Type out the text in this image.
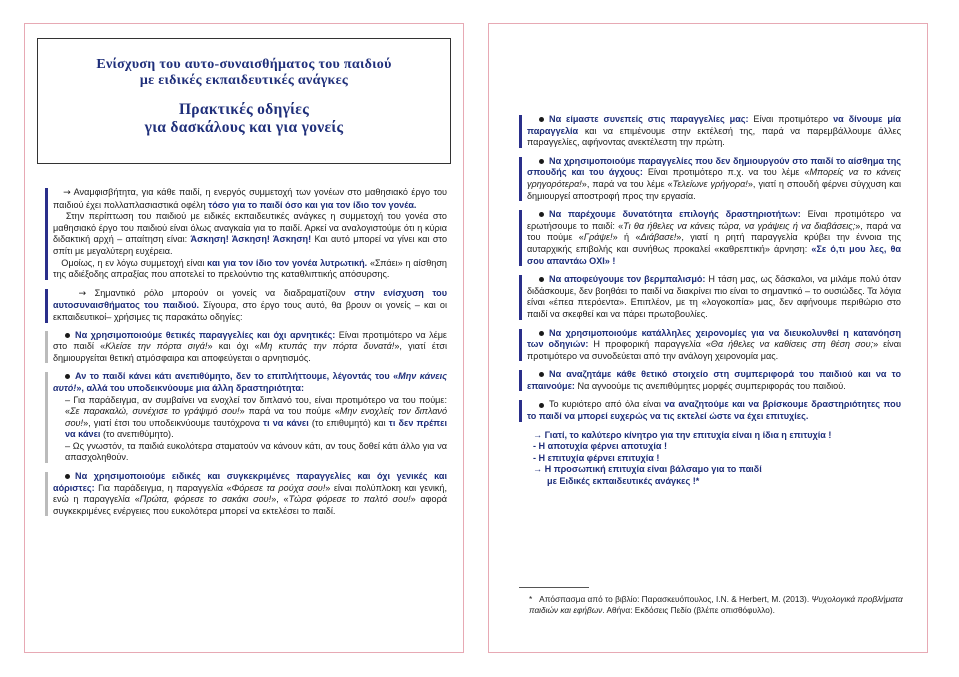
Ενίσχυση του αυτο-συναισθήματος του παιδιού
με ειδικές εκπαιδευτικές ανάγκες
Πρακτικές οδηγίες
για δασκάλους και για γονείς

→ Αναμφισβήτητα, για κάθε παιδί, η ενεργός συμμετοχή των γονέων στο μαθησιακό έργο του παιδιού έχει πολλαπλασιαστικά οφέλη τόσο για το παιδί όσο και για τον ίδιο τον γονέα.

Στην περίπτωση του παιδιού με ειδικές εκπαιδευτικές ανάγκες η συμμετοχή του γονέα στο μαθησιακό έργο του παιδιού είναι όλως αναγκαία για το παιδί. Αρκεί να αναλογιστούμε ότι η κύρια διδακτική αρχή – απαίτηση είναι: Άσκηση! Άσκηση! Άσκηση! Και αυτό μπορεί να γίνει και στο σπίτι με μεγαλύτερη ευχέρεια.

Ομοίως, η εν λόγω συμμετοχή είναι και για τον ίδιο τον γονέα λυτρωτική. «Σπάει» η αίσθηση της αδιέξοδης απραξίας που αποτελεί το πρελούντιο της καταθλιπτικής απόσυρσης.

→ Σημαντικό ρόλο μπορούν οι γονείς να διαδραματίζουν στην ενίσχυση του αυτοσυναισθήματος του παιδιού. Σίγουρα, στο έργο τους αυτό, θα βρουν οι γονείς – και οι εκπαιδευτικοί– χρήσιμες τις παρακάτω οδηγίες:

Να χρησιμοποιούμε θετικές παραγγελίες και όχι αρνητικές: Είναι προτιμότερο να λέμε στο παιδί «Κλείσε την πόρτα σιγά!» και όχι «Μη κτυπάς την πόρτα δυνατά!», γιατί έτσι δημιουργείται θετική ατμόσφαιρα και αποφεύγεται ο αρνητισμός.

Αν το παιδί κάνει κάτι ανεπιθύμητο, δεν το επιπλήττουμε, λέγοντάς του «Μην κάνεις αυτό!», αλλά του υποδεικνύουμε μια άλλη δραστηριότητα:

– Για παράδειγμα, αν συμβαίνει να ενοχλεί τον διπλανό του, είναι προτιμότερο να του πούμε: «Σε παρακαλώ, συνέχισε το γράψιμό σου!» παρά να του πούμε «Μην ενοχλείς τον διπλανό σου!», γιατί έτσι του υποδεικνύουμε ταυτόχρονα τι να κάνει (το επιθυμητό) και τι δεν πρέπει να κάνει (το ανεπιθύμητο).

– Ως γνωστόν, τα παιδιά ευκολότερα σταματούν να κάνουν κάτι, αν τους δοθεί κάτι άλλο για να απασχοληθούν.

Να χρησιμοποιούμε ειδικές και συγκεκριμένες παραγγελίες και όχι γενικές και αόριστες: Για παράδειγμα, η παραγγελία «Φόρεσε τα ρούχα σου!» είναι πολύπλοκη και γενική, ενώ η παραγγελία «Πρώτα, φόρεσε το σακάκι σου!», «Τώρα φόρεσε το παλτό σου!» αφορά συγκεκριμένες ενέργειες που ευκολότερα μπορεί να εκτελέσει το παιδί.

Να είμαστε συνεπείς στις παραγγελίες μας: Είναι προτιμότερο να δίνουμε μία παραγγελία και να επιμένουμε στην εκτέλεσή της, παρά να παρεμβάλλουμε άλλες παραγγελίες, αφήνοντας ανεκτέλεστη την πρώτη.

Να χρησιμοποιούμε παραγγελίες που δεν δημιουργούν στο παιδί το αίσθημα της σπουδής και του άγχους: Είναι προτιμότερο π.χ. να του λέμε «Μπορείς να το κάνεις γρηγορότερα!», παρά να του λέμε «Τελείωνε γρήγορα!», γιατί η σπουδή φέρνει σύγχυση και δημιουργεί αποστροφή προς την εργασία.

Να παρέχουμε δυνατότητα επιλογής δραστηριοτήτων: Είναι προτιμότερο να ερωτήσουμε το παιδί: «Τι θα ήθελες να κάνεις τώρα, να γράψεις ή να διαβάσεις;», παρά να του πούμε «Γράψε!» ή «Διάβασε!», γιατί η ρητή παραγγελία κρύβει την έννοια της αυταρχικής επιβολής και συνήθως προκαλεί «καθρεπτική» άρνηση: «Σε ό,τι μου λες, θα σου απαντάω ΟΧΙ» !

Να αποφεύγουμε τον βερμπαλισμό: Η τάση μας, ως δάσκαλοι, να μιλάμε πολύ όταν διδάσκουμε, δεν βοηθάει το παιδί να διακρίνει πιο είναι το σημαντικό – το ουσιώδες. Τα λόγια είναι «έπεα πτερόεντα». Επιπλέον, με τη «λογοκοπία» μας, δεν αφήνουμε περιθώριο στο παιδί να σκεφθεί και να πάρει πρωτοβουλίες.

Να χρησιμοποιούμε κατάλληλες χειρονομίες για να διευκολυνθεί η κατανόηση των οδηγιών: Η προφορική παραγγελία «Θα ήθελες να καθίσεις στη θέση σου;» είναι προτιμότερο να συνοδεύεται από την ανάλογη χειρονομία μας.

Να αναζητάμε κάθε θετικό στοιχείο στη συμπεριφορά του παιδιού και να το επαινούμε: Να αγνοούμε τις ανεπιθύμητες μορφές συμπεριφοράς του παιδιού.

Το κυριότερο από όλα είναι να αναζητούμε και να βρίσκουμε δραστηριότητες που το παιδί να μπορεί ευχερώς να τις εκτελεί ώστε να έχει επιτυχίες.

→ Γιατί, το καλύτερο κίνητρο για την επιτυχία είναι η ίδια η επιτυχία !

- Η αποτυχία φέρνει αποτυχία !

- Η επιτυχία φέρνει επιτυχία !

→ Η προσωπική επιτυχία είναι βάλσαμο για το παιδί

με Ειδικές εκπαιδευτικές ανάγκες !*

* Απόσπασμα από το βιβλίο: Παρασκευόπουλος, Ι.Ν. & Herbert, M. (2013). Ψυχολογικά προβλήματα παιδιών και εφήβων. Αθήνα: Εκδόσεις Πεδίο (βλέπε οπισθόφυλλο).
